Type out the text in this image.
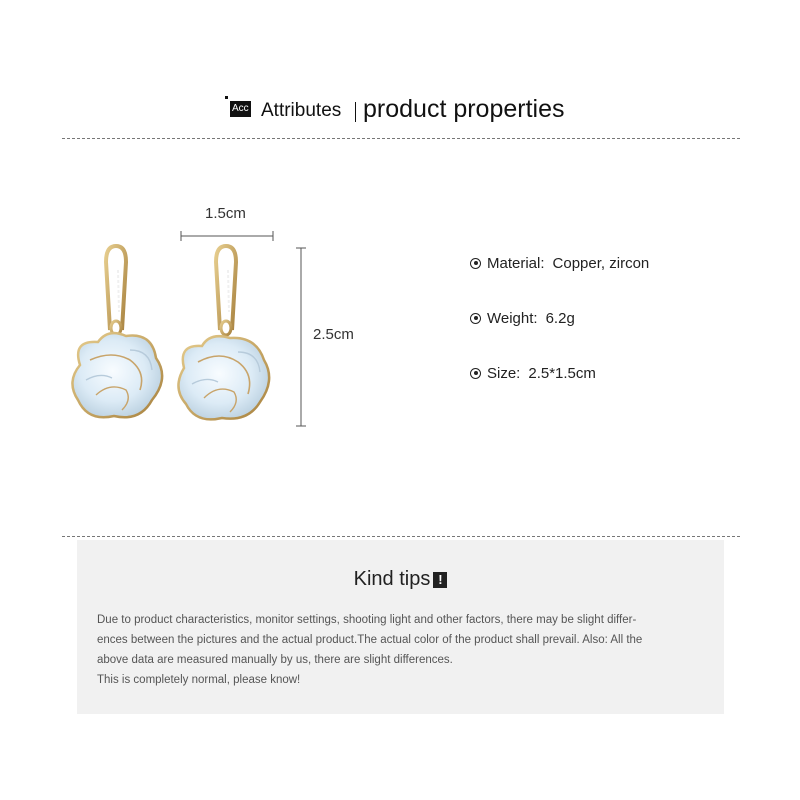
Acc Attributes product properties
1.5cm
2.5cm
Material: Copper, zircon
Weight: 6.2g
Size: 2.5*1.5cm
Kind tips !

Due to product characteristics, monitor settings, shooting light and other factors, there may be slight differ-

ences between the pictures and the actual product.The actual color of the product shall prevail. Also: All the

above data are measured manually by us, there are slight differences.

This is completely normal, please know!
